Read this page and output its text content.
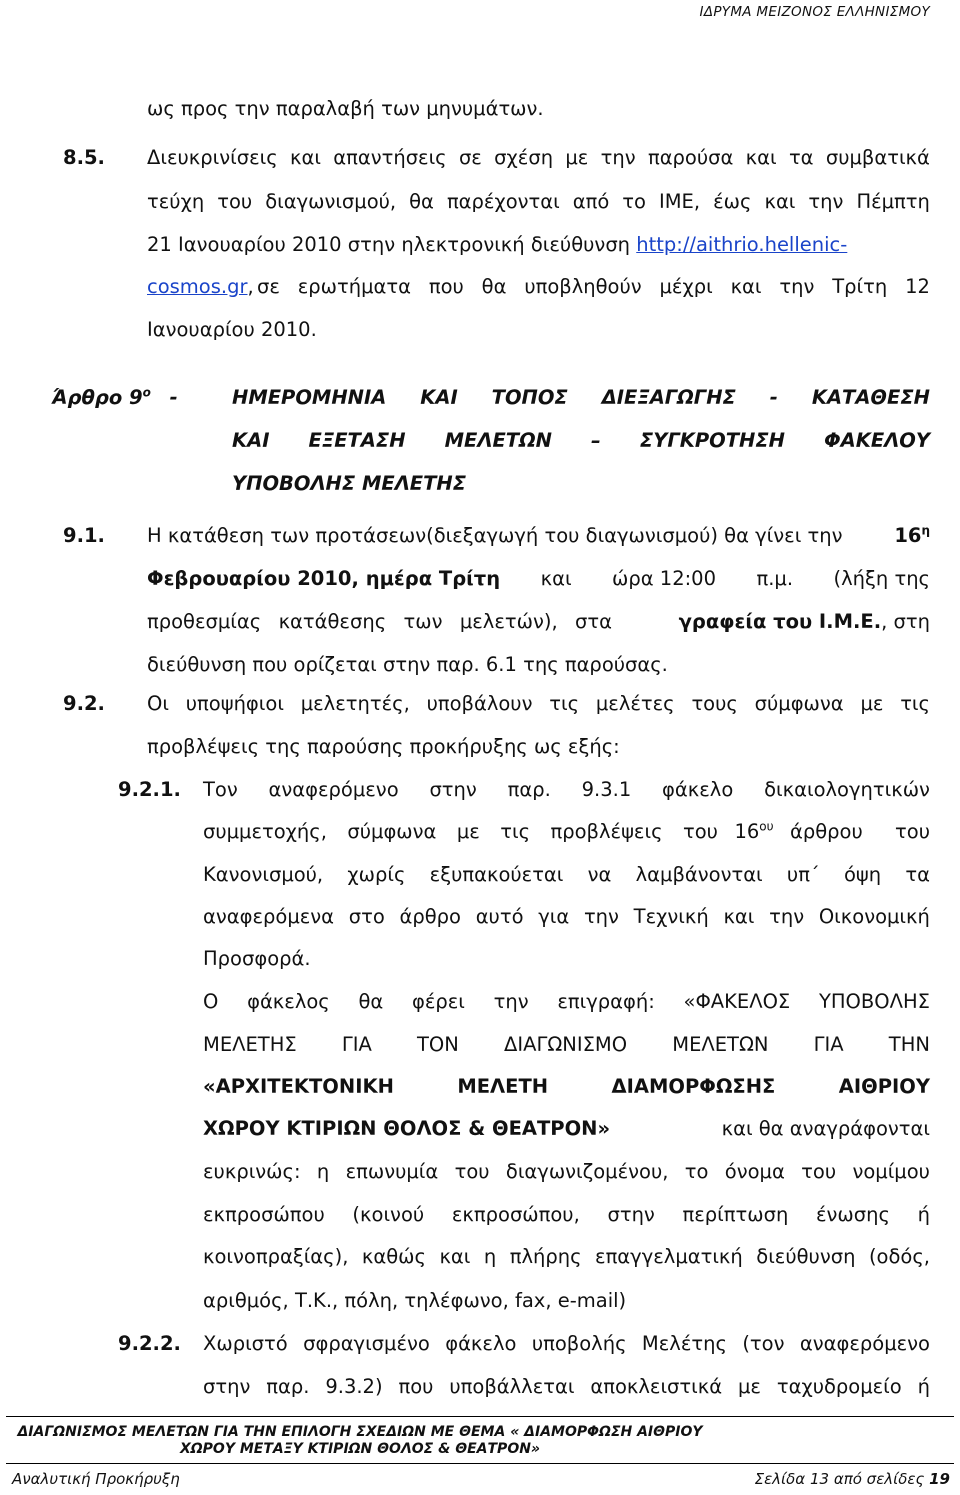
ΙΔΡΥΜΑ ΜΕΙΖΟΝΟΣ ΕΛΛΗΝΙΣΜΟΥ
ως προς την παραλαβή των μηνυμάτων.
8.5. Διευκρινίσεις και απαντήσεις σε σχέση με την παρούσα και τα συμβατικά
τεύχη του διαγωνισμού, θα παρέχονται από το ΙΜΕ, έως και την Πέμπτη
21 Ιανουαρίου 2010 στην ηλεκτρονική διεύθυνση http://aithrio.hellenic-
cosmos.gr, σε ερωτήματα που θα υποβληθούν μέχρι και την Τρίτη 12
Ιανουαρίου 2010.
Άρθρο $9^o$ -	ΗΜΕΡΟΜΗΝΙΑ ΚΑΙ ΤΟΠΟΣ ΔΙΕΞΑΓΩΓΗΣ - ΚΑΤΑΘΕΣΗ
ΚΑΙ ΕΞΕΤΑΣΗ ΜΕΛΕΤΩΝ – ΣΥΓΚΡΟΤΗΣΗ ΦΑΚΕΛΟΥ
ΥΠΟΒΟΛΗΣ ΜΕΛΕΤΗΣ
9.1. Η κατάθεση των προτάσεων(διεξαγωγή του διαγωνισμού) θα γίνει την	$16^\eta$
Φεβρουαρίου 2010, ημέρα Τρίτη και ώρα 12:00 π.μ. (λήξη της
προθεσμίας κατάθεσης των μελετών), στα	γραφεία του Ι.Μ.Ε., στη
διεύθυνση που ορίζεται στην παρ. 6.1 της παρούσας.
9.2. Οι υποψήφιοι μελετητές, υποβάλουν τις μελέτες τους σύμφωνα με τις
προβλέψεις της παρούσης προκήρυξης ως εξής:
9.2.1. Τον αναφερόμενο στην παρ. 9.3.1 φάκελο δικαιολογητικών
συμμετοχής, σύμφωνα με τις προβλέψεις του $16^{o\upsilon}$ άρθρου του
Κανονισμού, χωρίς εξυπακούεται να λαμβάνονται υπ΄ όψη τα
αναφερόμενα στο άρθρο αυτό για την Τεχνική και την Οικονομική
Προσφορά.
Ο φάκελος θα φέρει την επιγραφή: «ΦΑΚΕΛΟΣ ΥΠΟΒΟΛΗΣ
ΜΕΛΕΤΗΣ ΓΙΑ ΤΟΝ ΔΙΑΓΩΝΙΣΜΟ ΜΕΛΕΤΩΝ ΓΙΑ ΤΗΝ
«ΑΡΧΙΤΕΚΤΟΝΙΚΗ	ΜΕΛΕΤΗ	ΔΙΑΜΟΡΦΩΣΗΣ	ΑΙΘΡΙΟΥ
ΧΩΡΟΥ ΚΤΙΡΙΩΝ ΘΟΛΟΣ & ΘΕΑΤΡΟΝ»	και θα αναγράφονται
ευκρινώς: η επωνυμία του διαγωνιζομένου, το όνομα του νομίμου
εκπροσώπου (κοινού εκπροσώπου, στην περίπτωση ένωσης ή
κοινοπραξίας), καθώς και η πλήρης επαγγελματική διεύθυνση (οδός,
αριθμός, Τ.Κ., πόλη, τηλέφωνο, fax, e-mail)
9.2.2. Χωριστό σφραγισμένο φάκελο υποβολής Μελέτης (τον αναφερόμενο
στην παρ. 9.3.2) που υποβάλλεται αποκλειστικά με ταχυδρομείο ή
ΔΙΑΓΩΝΙΣΜΟΣ ΜΕΛΕΤΩΝ ΓΙΑ ΤΗΝ ΕΠΙΛΟΓΗ ΣΧΕΔΙΩΝ ΜΕ ΘΕΜΑ « ΔΙΑΜΟΡΦΩΣΗ ΑΙΘΡΙΟΥ
ΧΩΡΟΥ ΜΕΤΑΞΥ ΚΤΙΡΙΩΝ ΘΟΛΟΣ & ΘΕΑΤΡΟΝ»
Αναλυτική Προκήρυξη	Σελίδα 13 από σελίδες 19
